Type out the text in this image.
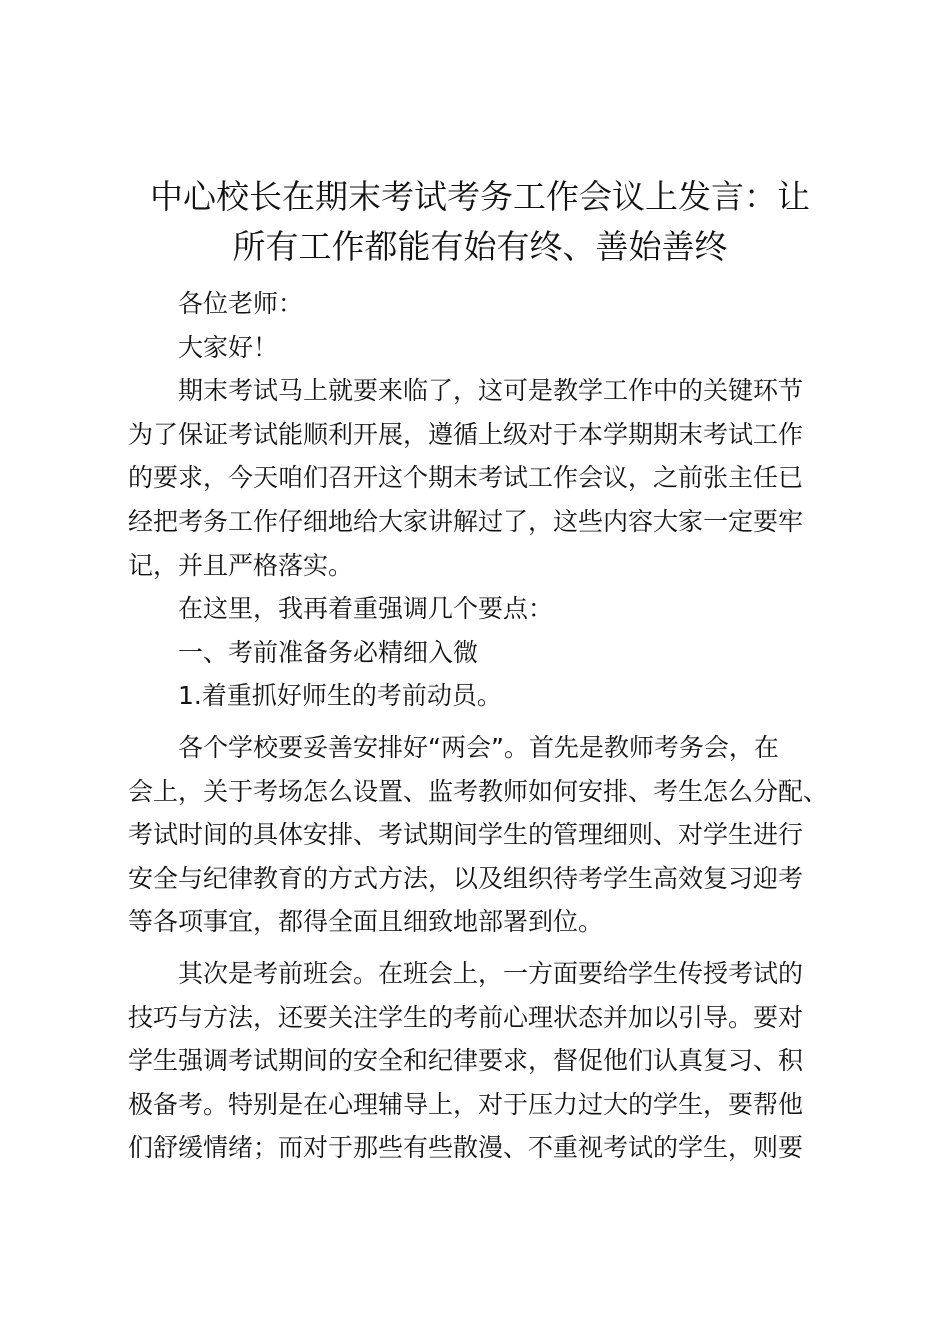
中心校长在期末考试考务工作会议上发言：让
所有工作都能有始有终、善始善终
各位老师：
大家好！
期末考试马上就要来临了，这可是教学工作中的关键环节
为了保证考试能顺利开展，遵循上级对于本学期期末考试工作
的要求，今天咱们召开这个期末考试工作会议，之前张主任已
经把考务工作仔细地给大家讲解过了，这些内容大家一定要牢
记，并且严格落实。
在这里，我再着重强调几个要点：
一、考前准备务必精细入微
1.着重抓好师生的考前动员。
各个学校要妥善安排好“两会”。首先是教师考务会，在
会上，关于考场怎么设置、监考教师如何安排、考生怎么分配、
考试时间的具体安排、考试期间学生的管理细则、对学生进行
安全与纪律教育的方式方法，以及组织待考学生高效复习迎考
等各项事宜，都得全面且细致地部署到位。
其次是考前班会。在班会上，一方面要给学生传授考试的
技巧与方法，还要关注学生的考前心理状态并加以引导。要对
学生强调考试期间的安全和纪律要求，督促他们认真复习、积
极备考。特别是在心理辅导上，对于压力过大的学生，要帮他
们舒缓情绪；而对于那些有些散漫、不重视考试的学生，则要
